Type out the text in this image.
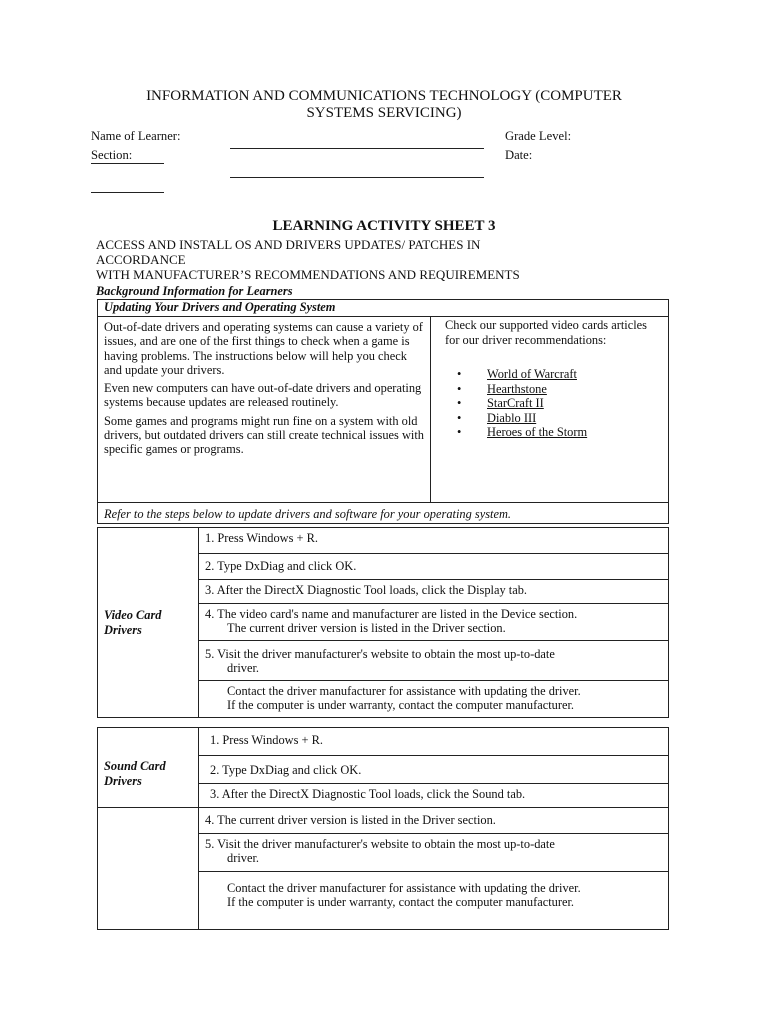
INFORMATION AND COMMUNICATIONS TECHNOLOGY (COMPUTER
SYSTEMS SERVICING)
Name of Learner:	Grade Level:
Section:	Date:
LEARNING ACTIVITY SHEET 3
ACCESS AND INSTALL OS AND DRIVERS UPDATES/ PATCHES IN
ACCORDANCE
WITH MANUFACTURER’S RECOMMENDATIONS AND REQUIREMENTS
Background Information for Learners
Updating Your Drivers and Operating System

Out-of-date drivers and operating systems can cause a variety of issues, and are one of the first things to check when a game is having problems. The instructions below will help you check and update your drivers.

Even new computers can have out-of-date drivers and operating systems because updates are released routinely.

Some games and programs might run fine on a system with old drivers, but outdated drivers can still create technical issues with specific games or programs.

Check our supported video cards articles for our driver recommendations:
• World of Warcraft
• Hearthstone
• StarCraft II
• Diablo III
• Heroes of the Storm

Refer to the steps below to update drivers and software for your operating system.
Video Card
Drivers
	1. Press Windows + R.
2. Type DxDiag and click OK.
3. After the DirectX Diagnostic Tool loads, click the Display tab.
4. The video card's name and manufacturer are listed in the Device section.
The current driver version is listed in the Driver section.

5. Visit the driver manufacturer's website to obtain the most up-to-date
driver.

Contact the driver manufacturer for assistance with updating the driver.
If the computer is under warranty, contact the computer manufacturer.
Sound Card
Drivers	1. Press Windows + R.
	2. Type DxDiag and click OK.
	3. After the DirectX Diagnostic Tool loads, click the Sound tab.
	4. The current driver version is listed in the Driver section.
	5. Visit the driver manufacturer's website to obtain the most up-to-date
driver.

	Contact the driver manufacturer for assistance with updating the driver.
If the computer is under warranty, contact the computer manufacturer.
